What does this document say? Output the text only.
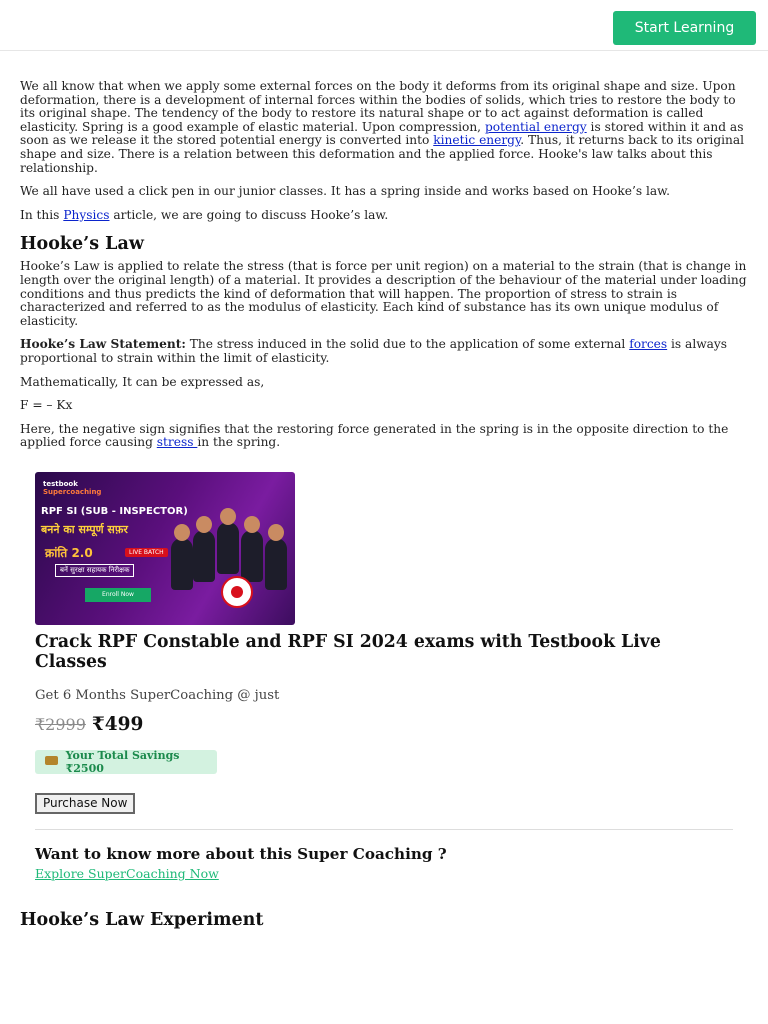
Start Learning

We all know that when we apply some external forces on the body it deforms from its original shape and size. Upon deformation, there is a development of internal forces within the bodies of solids, which tries to restore the body to its original shape. The tendency of the body to restore its natural shape or to act against deformation is called elasticity. Spring is a good example of elastic material. Upon compression, potential energy is stored within it and as soon as we release it the stored potential energy is converted into kinetic energy. Thus, it returns back to its original shape and size. There is a relation between this deformation and the applied force. Hooke's law talks about this relationship.

We all have used a click pen in our junior classes. It has a spring inside and works based on Hooke’s law.

In this Physics article, we are going to discuss Hooke’s law.

Hooke’s Law

Hooke’s Law is applied to relate the stress (that is force per unit region) on a material to the strain (that is change in length over the original length) of a material. It provides a description of the behaviour of the material under loading conditions and thus predicts the kind of deformation that will happen. The proportion of stress to strain is characterized and referred to as the modulus of elasticity. Each kind of substance has its own unique modulus of elasticity.

Hooke’s Law Statement: The stress induced in the solid due to the application of some external forces is always proportional to strain within the limit of elasticity.

Mathematically, It can be expressed as,

F = – Kx

Here, the negative sign signifies that the restoring force generated in the spring is in the opposite direction to the applied force causing stress in the spring.

testbook
Supercoaching
RPF SI (SUB - INSPECTOR)
बनने का सम्पूर्ण सफ़र
क्रांति 2.0	LIVE BATCH
बनें सुरक्षा सहायक निरीक्षक
Enroll Now
Crack RPF Constable and RPF SI 2024 exams with Testbook Live Classes
Get 6 Months SuperCoaching @ just
₹2999 ₹499
Your Total Savings ₹2500
Purchase Now
Want to know more about this Super Coaching ?
Explore SuperCoaching Now
Hooke’s Law Experiment
